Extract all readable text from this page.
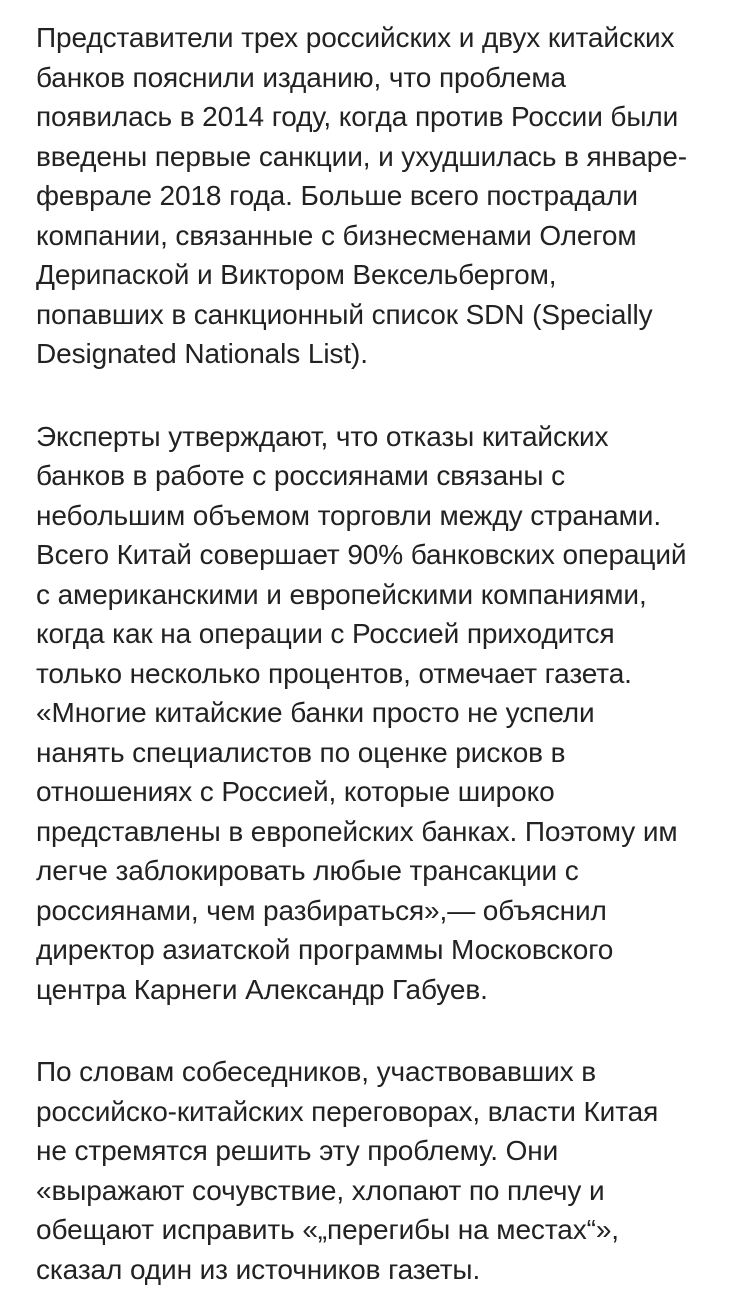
Представители трех российских и двух китайских
банков пояснили изданию, что проблема
появилась в 2014 году, когда против России были
введены первые санкции, и ухудшилась в январе-
феврале 2018 года. Больше всего пострадали
компании, связанные с бизнесменами Олегом
Дерипаской и Виктором Вексельбергом,
попавших в санкционный список SDN (Specially
Designated Nationals List).
Эксперты утверждают, что отказы китайских
банков в работе с россиянами связаны с
небольшим объемом торговли между странами.
Всего Китай совершает 90% банковских операций
с американскими и европейскими компаниями,
когда как на операции с Россией приходится
только несколько процентов, отмечает газета.
«Многие китайские банки просто не успели
нанять специалистов по оценке рисков в
отношениях с Россией, которые широко
представлены в европейских банках. Поэтому им
легче заблокировать любые трансакции с
россиянами, чем разбираться»,— объяснил
директор азиатской программы Московского
центра Карнеги Александр Габуев.
По словам собеседников, участвовавших в
российско-китайских переговорах, власти Китая
не стремятся решить эту проблему. Они
«выражают сочувствие, хлопают по плечу и
обещают исправить «„перегибы на местах“»,
сказал один из источников газеты.
